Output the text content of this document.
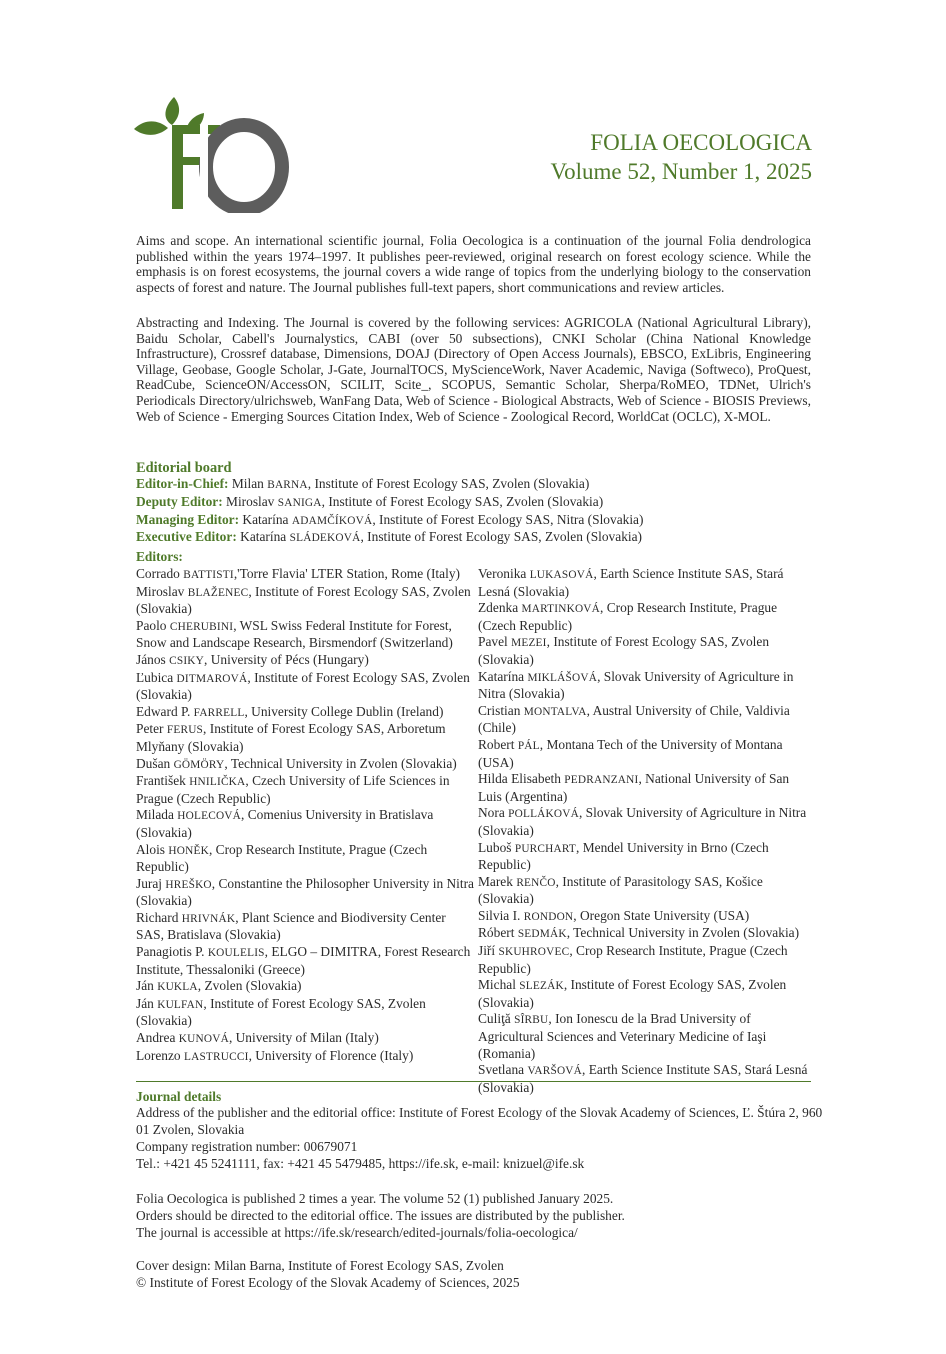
FOLIA OECOLOGICA
Volume 52, Number 1, 2025
Aims and scope. An international scientific journal, Folia Oecologica is a continuation of the journal Folia dendrologica published within the years 1974–1997. It publishes peer-reviewed, original research on forest ecology science. While the emphasis is on forest ecosystems, the journal covers a wide range of topics from the underlying biology to the conservation aspects of forest and nature. The Journal publishes full-text papers, short communications and review articles.
Abstracting and Indexing. The Journal is covered by the following services: AGRICOLA (National Agricultural Library), Baidu Scholar, Cabell's Journalystics, CABI (over 50 subsections), CNKI Scholar (China National Knowledge Infrastructure), Crossref database, Dimensions, DOAJ (Directory of Open Access Journals), EBSCO, ExLibris, Engineering Village, Geobase, Google Scholar, J-Gate, JournalTOCS, MyScienceWork, Naver Academic, Naviga (Softweco), ProQuest, ReadCube, ScienceON/AccessON, SCILIT, Scite_, SCOPUS, Semantic Scholar, Sherpa/RoMEO, TDNet, Ulrich's Periodicals Directory/ulrichsweb, WanFang Data, Web of Science - Biological Abstracts, Web of Science - BIOSIS Previews, Web of Science - Emerging Sources Citation Index, Web of Science - Zoological Record, WorldCat (OCLC), X-MOL.
Editorial board
Editor-in-Chief: Milan BARNA, Institute of Forest Ecology SAS, Zvolen (Slovakia)
Deputy Editor: Miroslav SANIGA, Institute of Forest Ecology SAS, Zvolen (Slovakia)
Managing Editor: Katarína ADAMČÍKOVÁ, Institute of Forest Ecology SAS, Nitra (Slovakia)
Executive Editor: Katarína SLÁDEKOVÁ, Institute of Forest Ecology SAS, Zvolen (Slovakia)
Editors:

Corrado BATTISTI,'Torre Flavia' LTER Station, Rome (Italy)

Miroslav BLAŽENEC, Institute of Forest Ecology SAS, Zvolen (Slovakia)

Paolo CHERUBINI, WSL Swiss Federal Institute for Forest, Snow and Landscape Research, Birsmendorf (Switzerland)

János CSIKY, University of Pécs (Hungary)

Ľubica DITMAROVÁ, Institute of Forest Ecology SAS, Zvolen (Slovakia)

Edward P. FARRELL, University College Dublin (Ireland)

Peter FERUS, Institute of Forest Ecology SAS, Arboretum Mlyňany (Slovakia)

Dušan GÖMÖRY, Technical University in Zvolen (Slovakia)

František HNILIČKA, Czech University of Life Sciences in Prague (Czech Republic)

Milada HOLECOVÁ, Comenius University in Bratislava (Slovakia)

Alois HONĚK, Crop Research Institute, Prague (Czech Republic)

Juraj HREŠKO, Constantine the Philosopher University in Nitra (Slovakia)

Richard HRIVNÁK, Plant Science and Biodiversity Center SAS, Bratislava (Slovakia)

Panagiotis P. KOULELIS, ELGO – DIMITRA, Forest Research Institute, Thessaloniki (Greece)

Ján KUKLA, Zvolen (Slovakia)

Ján KULFAN, Institute of Forest Ecology SAS, Zvolen (Slovakia)

Andrea KUNOVÁ, University of Milan (Italy)

Lorenzo LASTRUCCI, University of Florence (Italy)

Veronika LUKASOVÁ, Earth Science Institute SAS, Stará Lesná (Slovakia)

Zdenka MARTINKOVÁ, Crop Research Institute, Prague (Czech Republic)

Pavel MEZEI, Institute of Forest Ecology SAS, Zvolen (Slovakia)

Katarína MIKLÁŠOVÁ, Slovak University of Agriculture in Nitra (Slovakia)

Cristian MONTALVA, Austral University of Chile, Valdivia (Chile)

Robert PÁL, Montana Tech of the University of Montana (USA)

Hilda Elisabeth PEDRANZANI, National University of San Luis (Argentina)

Nora POLLÁKOVÁ, Slovak University of Agriculture in Nitra (Slovakia)

Luboš PURCHART, Mendel University in Brno (Czech Republic)

Marek RENČO, Institute of Parasitology SAS, Košice (Slovakia)

Silvia I. RONDON, Oregon State University (USA)

Róbert SEDMÁK, Technical University in Zvolen (Slovakia)

Jiří SKUHROVEC, Crop Research Institute, Prague (Czech Republic)

Michal SLEZÁK, Institute of Forest Ecology SAS, Zvolen (Slovakia)

Culiţă SÎRBU, Ion Ionescu de la Brad University of Agricultural Sciences and Veterinary Medicine of Iaşi (Romania)

Svetlana VARŠOVÁ, Earth Science Institute SAS, Stará Lesná (Slovakia)

Journal details

Address of the publisher and the editorial office: Institute of Forest Ecology of the Slovak Academy of Sciences, Ľ. Štúra 2, 960 01 Zvolen, Slovakia

Company registration number: 00679071

Tel.: +421 45 5241111, fax: +421 45 5479485, https://ife.sk, e-mail: knizuel@ife.sk

Folia Oecologica is published 2 times a year. The volume 52 (1) published January 2025.

Orders should be directed to the editorial office. The issues are distributed by the publisher.

The journal is accessible at https://ife.sk/research/edited-journals/folia-oecologica/

Cover design: Milan Barna, Institute of Forest Ecology SAS, Zvolen

© Institute of Forest Ecology of the Slovak Academy of Sciences, 2025
